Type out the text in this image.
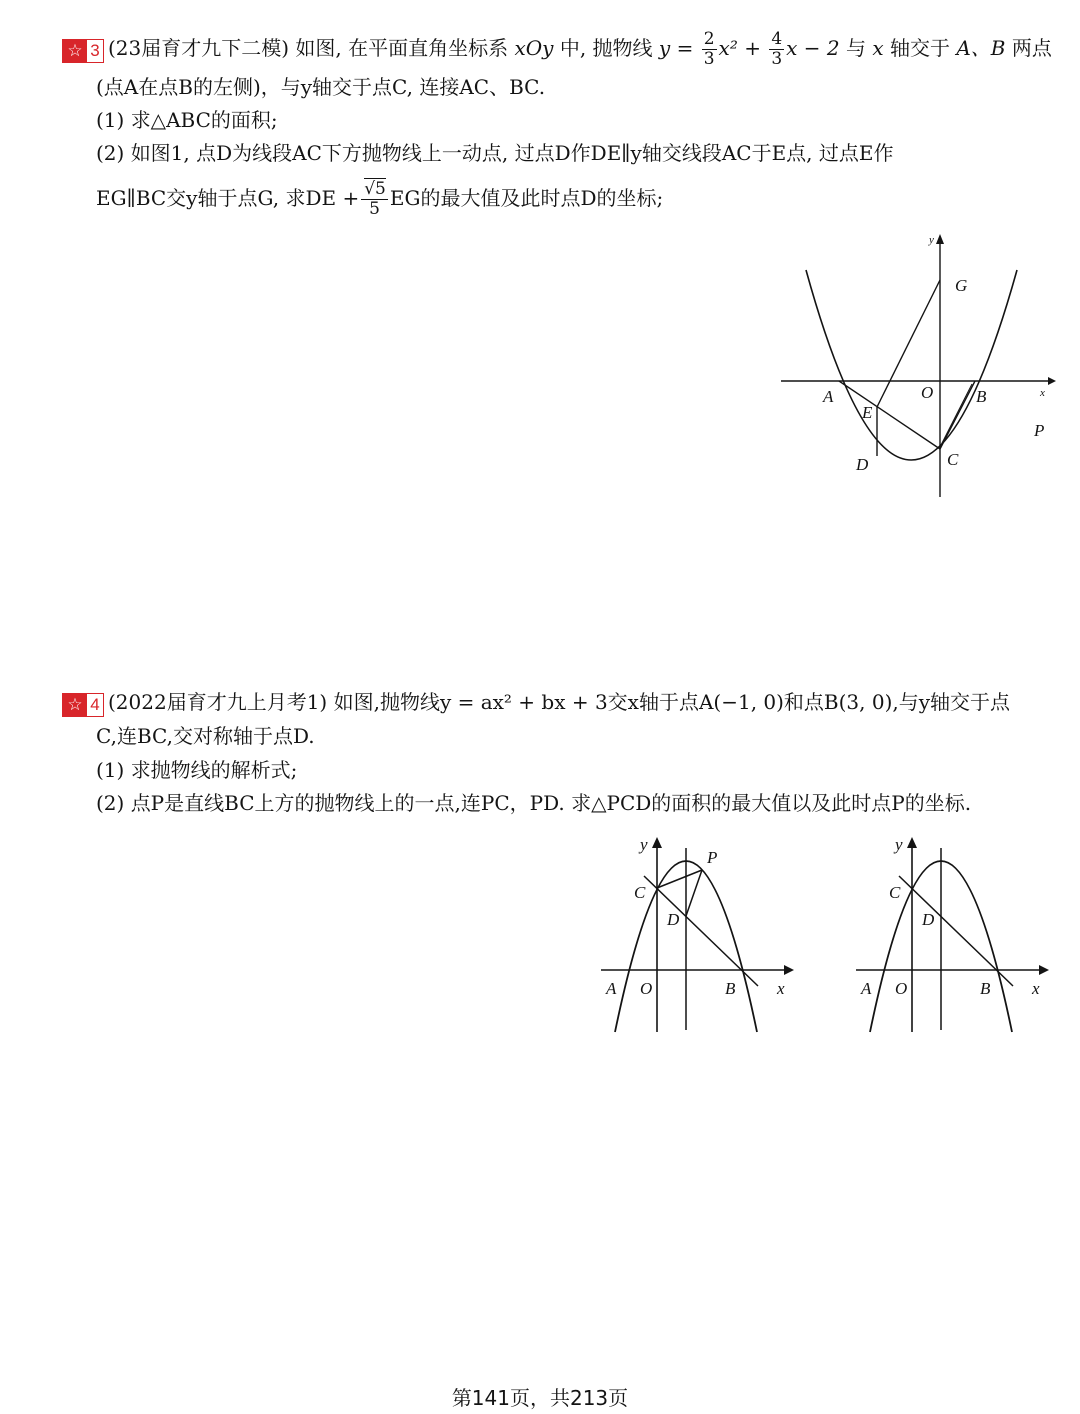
☆ 3 (23届育才九下二模) 如图, 在平面直角坐标系 xOy 中, 抛物线 $y = \frac{2}{3} x^2 + \frac{4}{3}$ x − 2 与 x 轴交于 A、B 两点
(点A在点B的左侧)，与y轴交于点C, 连接AC、BC.
(1) 求△ABC的面积;
(2) 如图1, 点D为线段AC下方抛物线上一动点, 过点D作DE∥y轴交线段AC于E点, 过点E作
EG∥BC交y轴于点G, 求DE + $\frac{√5}{5}$ EG的最大值及此时点D的坐标;
y
x
G
A	O	B
E
P
C
D
☆ 4 (2022届育才九上月考1) 如图,抛物线y = ax² + bx + 3交x轴于点A(−1, 0)和点B(3, 0),与y轴交于点
C,连BC,交对称轴于点D.
(1) 求抛物线的解析式;
(2) 点P是直线BC上方的抛物线上的一点,连PC，PD. 求△PCD的面积的最大值以及此时点P的坐标.
y
P
C
D
A O	B x
y
C
D
A O	B x
第141页，共213页
